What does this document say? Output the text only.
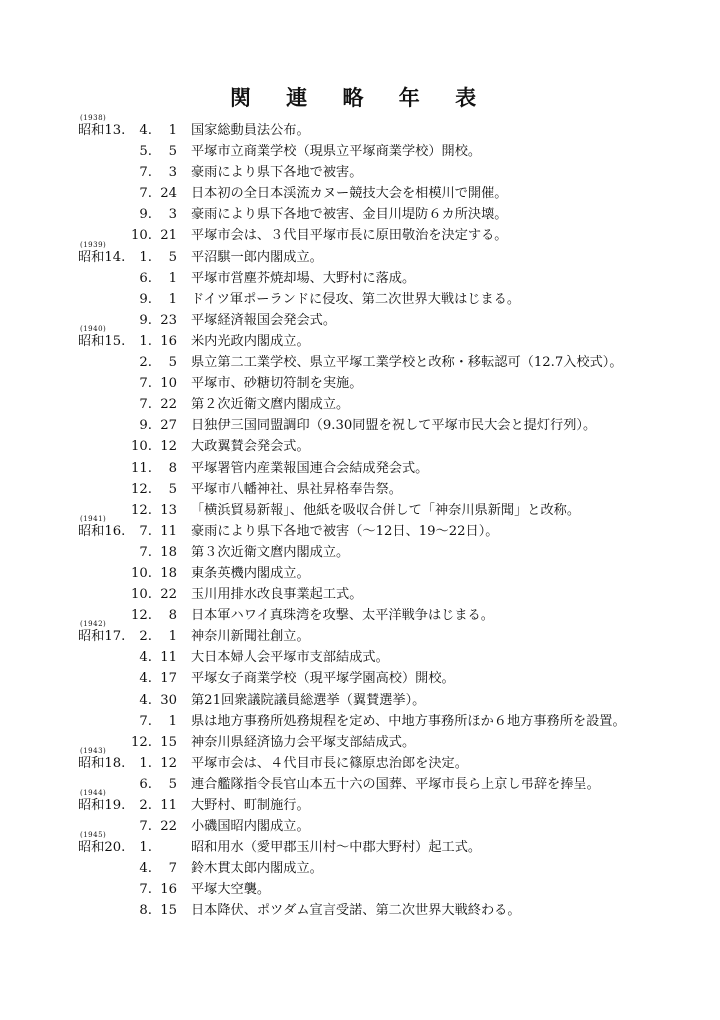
関 連 略 年 表
(1938)
昭和13.	4.	1 国家総動員法公布。
5.	5 平塚市立商業学校（現県立平塚商業学校）開校。
7.	3 豪雨により県下各地で被害。
7. 24 日本初の全日本渓流カヌー競技大会を相模川で開催。
9.	3 豪雨により県下各地で被害、金目川堤防６カ所決壊。
10. 21 平塚市会は、３代目平塚市長に原田敬治を決定する。
(1939)
昭和14.	1.	5 平沼騏一郎内閣成立。
6.	1 平塚市営塵芥焼却場、大野村に落成。
9.	1 ドイツ軍ポーランドに侵攻、第二次世界大戦はじまる。
9. 23 平塚経済報国会発会式。
(1940)
昭和15.	1. 16 米内光政内閣成立。
2.	5 県立第二工業学校、県立平塚工業学校と改称・移転認可（12.7入校式）。
7. 10 平塚市、砂糖切符制を実施。
7. 22 第２次近衛文麿内閣成立。
9. 27 日独伊三国同盟調印（9.30同盟を祝して平塚市民大会と提灯行列）。
10. 12 大政翼賛会発会式。
11.	8 平塚署管内産業報国連合会結成発会式。
12.	5 平塚市八幡神社、県社昇格奉告祭。
12. 13 「横浜貿易新報」、他紙を吸収合併して「神奈川県新聞」と改称。
(1941)
昭和16.	7. 11 豪雨により県下各地で被害（～12日、19～22日）。
7. 18 第３次近衛文麿内閣成立。
10. 18 東条英機内閣成立。
10. 22 玉川用排水改良事業起工式。
12.	8 日本軍ハワイ真珠湾を攻撃、太平洋戦争はじまる。
(1942)
昭和17.	2.	1 神奈川新聞社創立。
4. 11 大日本婦人会平塚市支部結成式。
4. 17 平塚女子商業学校（現平塚学園高校）開校。
4. 30 第21回衆議院議員総選挙（翼賛選挙）。
7.	1 県は地方事務所処務規程を定め、中地方事務所ほか６地方事務所を設置。
12. 15 神奈川県経済協力会平塚支部結成式。
(1943)
昭和18.	1. 12 平塚市会は、４代目市長に篠原忠治郎を決定。
6.	5 連合艦隊指令長官山本五十六の国葬、平塚市長ら上京し弔辞を捧呈。
(1944)
昭和19.	2. 11 大野村、町制施行。
7. 22 小磯国昭内閣成立。
(1945)
昭和20.	1.	昭和用水（愛甲郡玉川村～中郡大野村）起工式。
4.	7 鈴木貫太郎内閣成立。
7. 16 平塚大空襲。
8. 15 日本降伏、ポツダム宣言受諾、第二次世界大戦終わる。
